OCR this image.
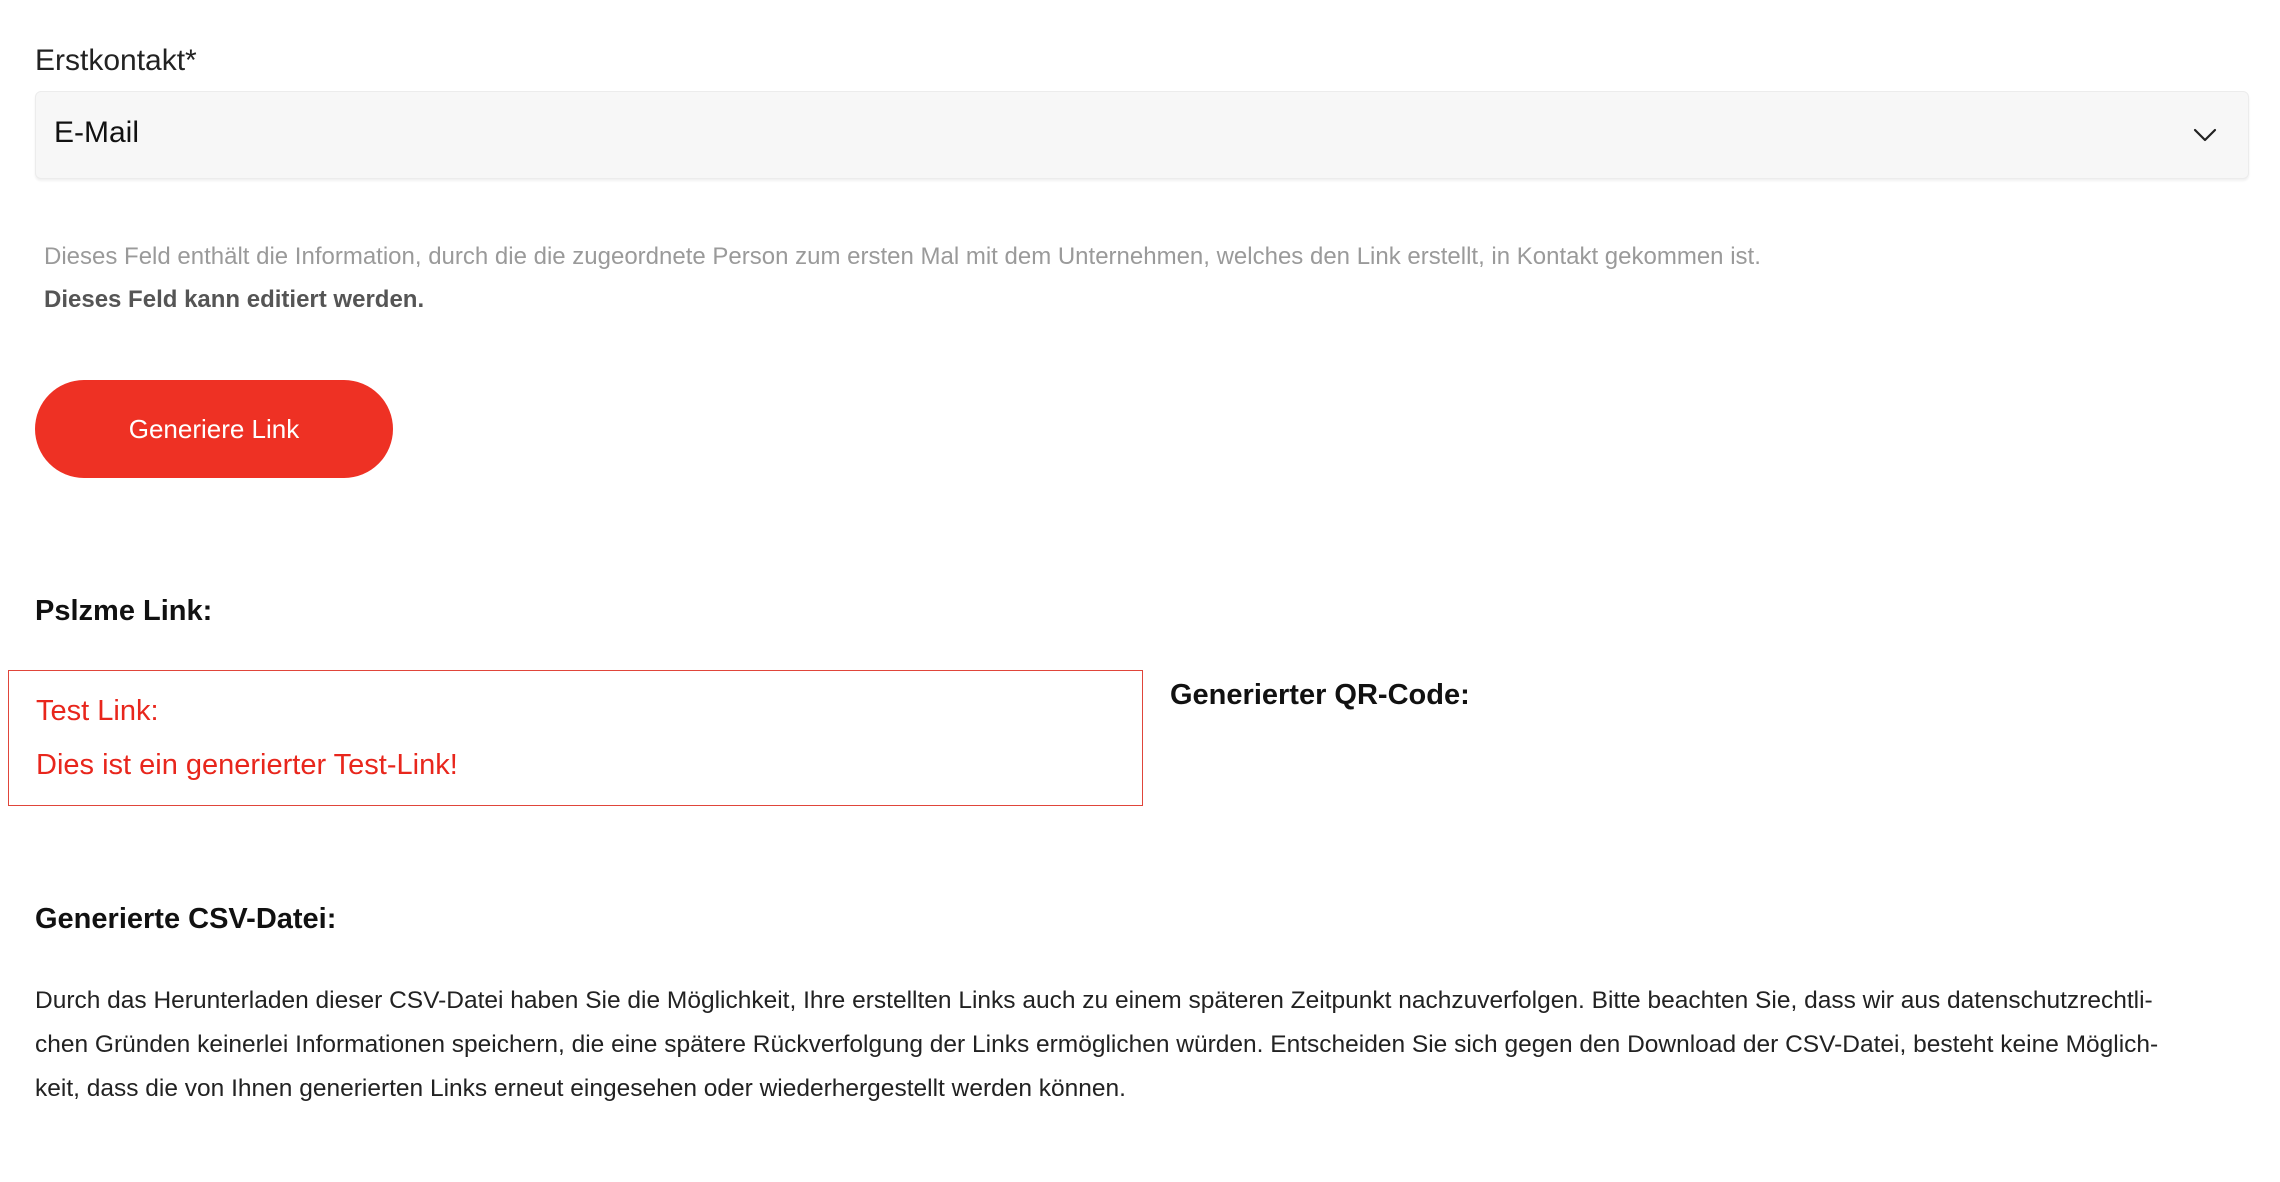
Erstkontakt*
E-Mail
Dieses Feld enthält die Information, durch die die zugeordnete Person zum ersten Mal mit dem Unternehmen, welches den Link erstellt, in Kontakt gekommen ist.
Dieses Feld kann editiert werden.
Generiere Link
Pslzme Link:
Test Link:
Dies ist ein generierter Test-Link!
Generierter QR-Code:
Generierte CSV-Datei:
Durch das Herunterladen dieser CSV-Datei haben Sie die Möglichkeit, Ihre erstellten Links auch zu einem späteren Zeitpunkt nachzuverfolgen. Bitte beachten Sie, dass wir aus datenschutzrechtli-
chen Gründen keinerlei Informationen speichern, die eine spätere Rückverfolgung der Links ermöglichen würden. Entscheiden Sie sich gegen den Download der CSV-Datei, besteht keine Möglich-
keit, dass die von Ihnen generierten Links erneut eingesehen oder wiederhergestellt werden können.
